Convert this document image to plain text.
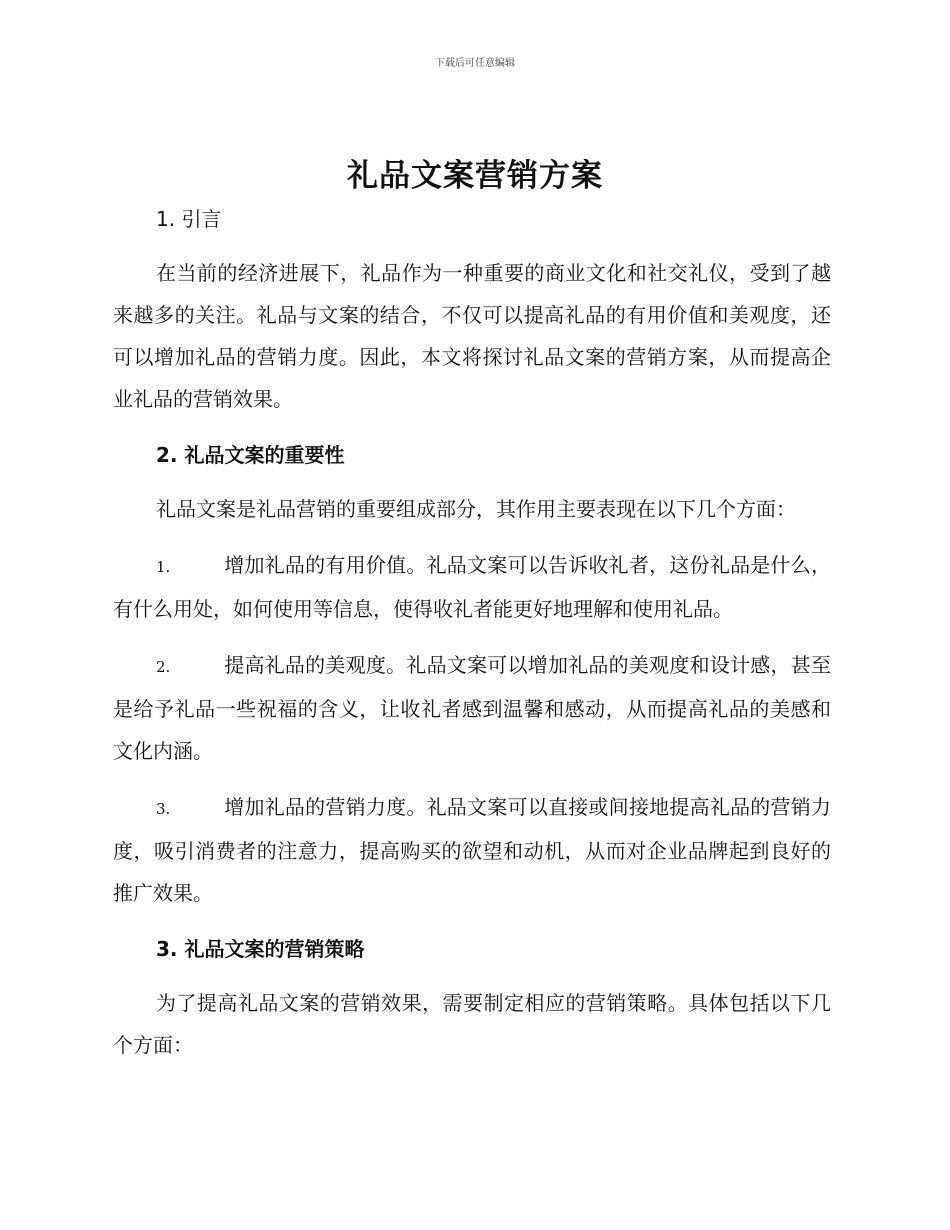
下载后可任意编辑
礼品文案营销方案
1. 引言

在当前的经济进展下，礼品作为一种重要的商业文化和社交礼仪，受到了越来越多的关注。礼品与文案的结合，不仅可以提高礼品的有用价值和美观度，还可以增加礼品的营销力度。因此，本文将探讨礼品文案的营销方案，从而提高企业礼品的营销效果。

2. 礼品文案的重要性

礼品文案是礼品营销的重要组成部分，其作用主要表现在以下几个方面：

1.	增加礼品的有用价值。礼品文案可以告诉收礼者，这份礼品是什么，有什么用处，如何使用等信息，使得收礼者能更好地理解和使用礼品。
2.	提高礼品的美观度。礼品文案可以增加礼品的美观度和设计感，甚至是给予礼品一些祝福的含义，让收礼者感到温馨和感动，从而提高礼品的美感和文化内涵。
3.	增加礼品的营销力度。礼品文案可以直接或间接地提高礼品的营销力度，吸引消费者的注意力，提高购买的欲望和动机，从而对企业品牌起到良好的推广效果。
3. 礼品文案的营销策略

为了提高礼品文案的营销效果，需要制定相应的营销策略。具体包括以下几个方面：
